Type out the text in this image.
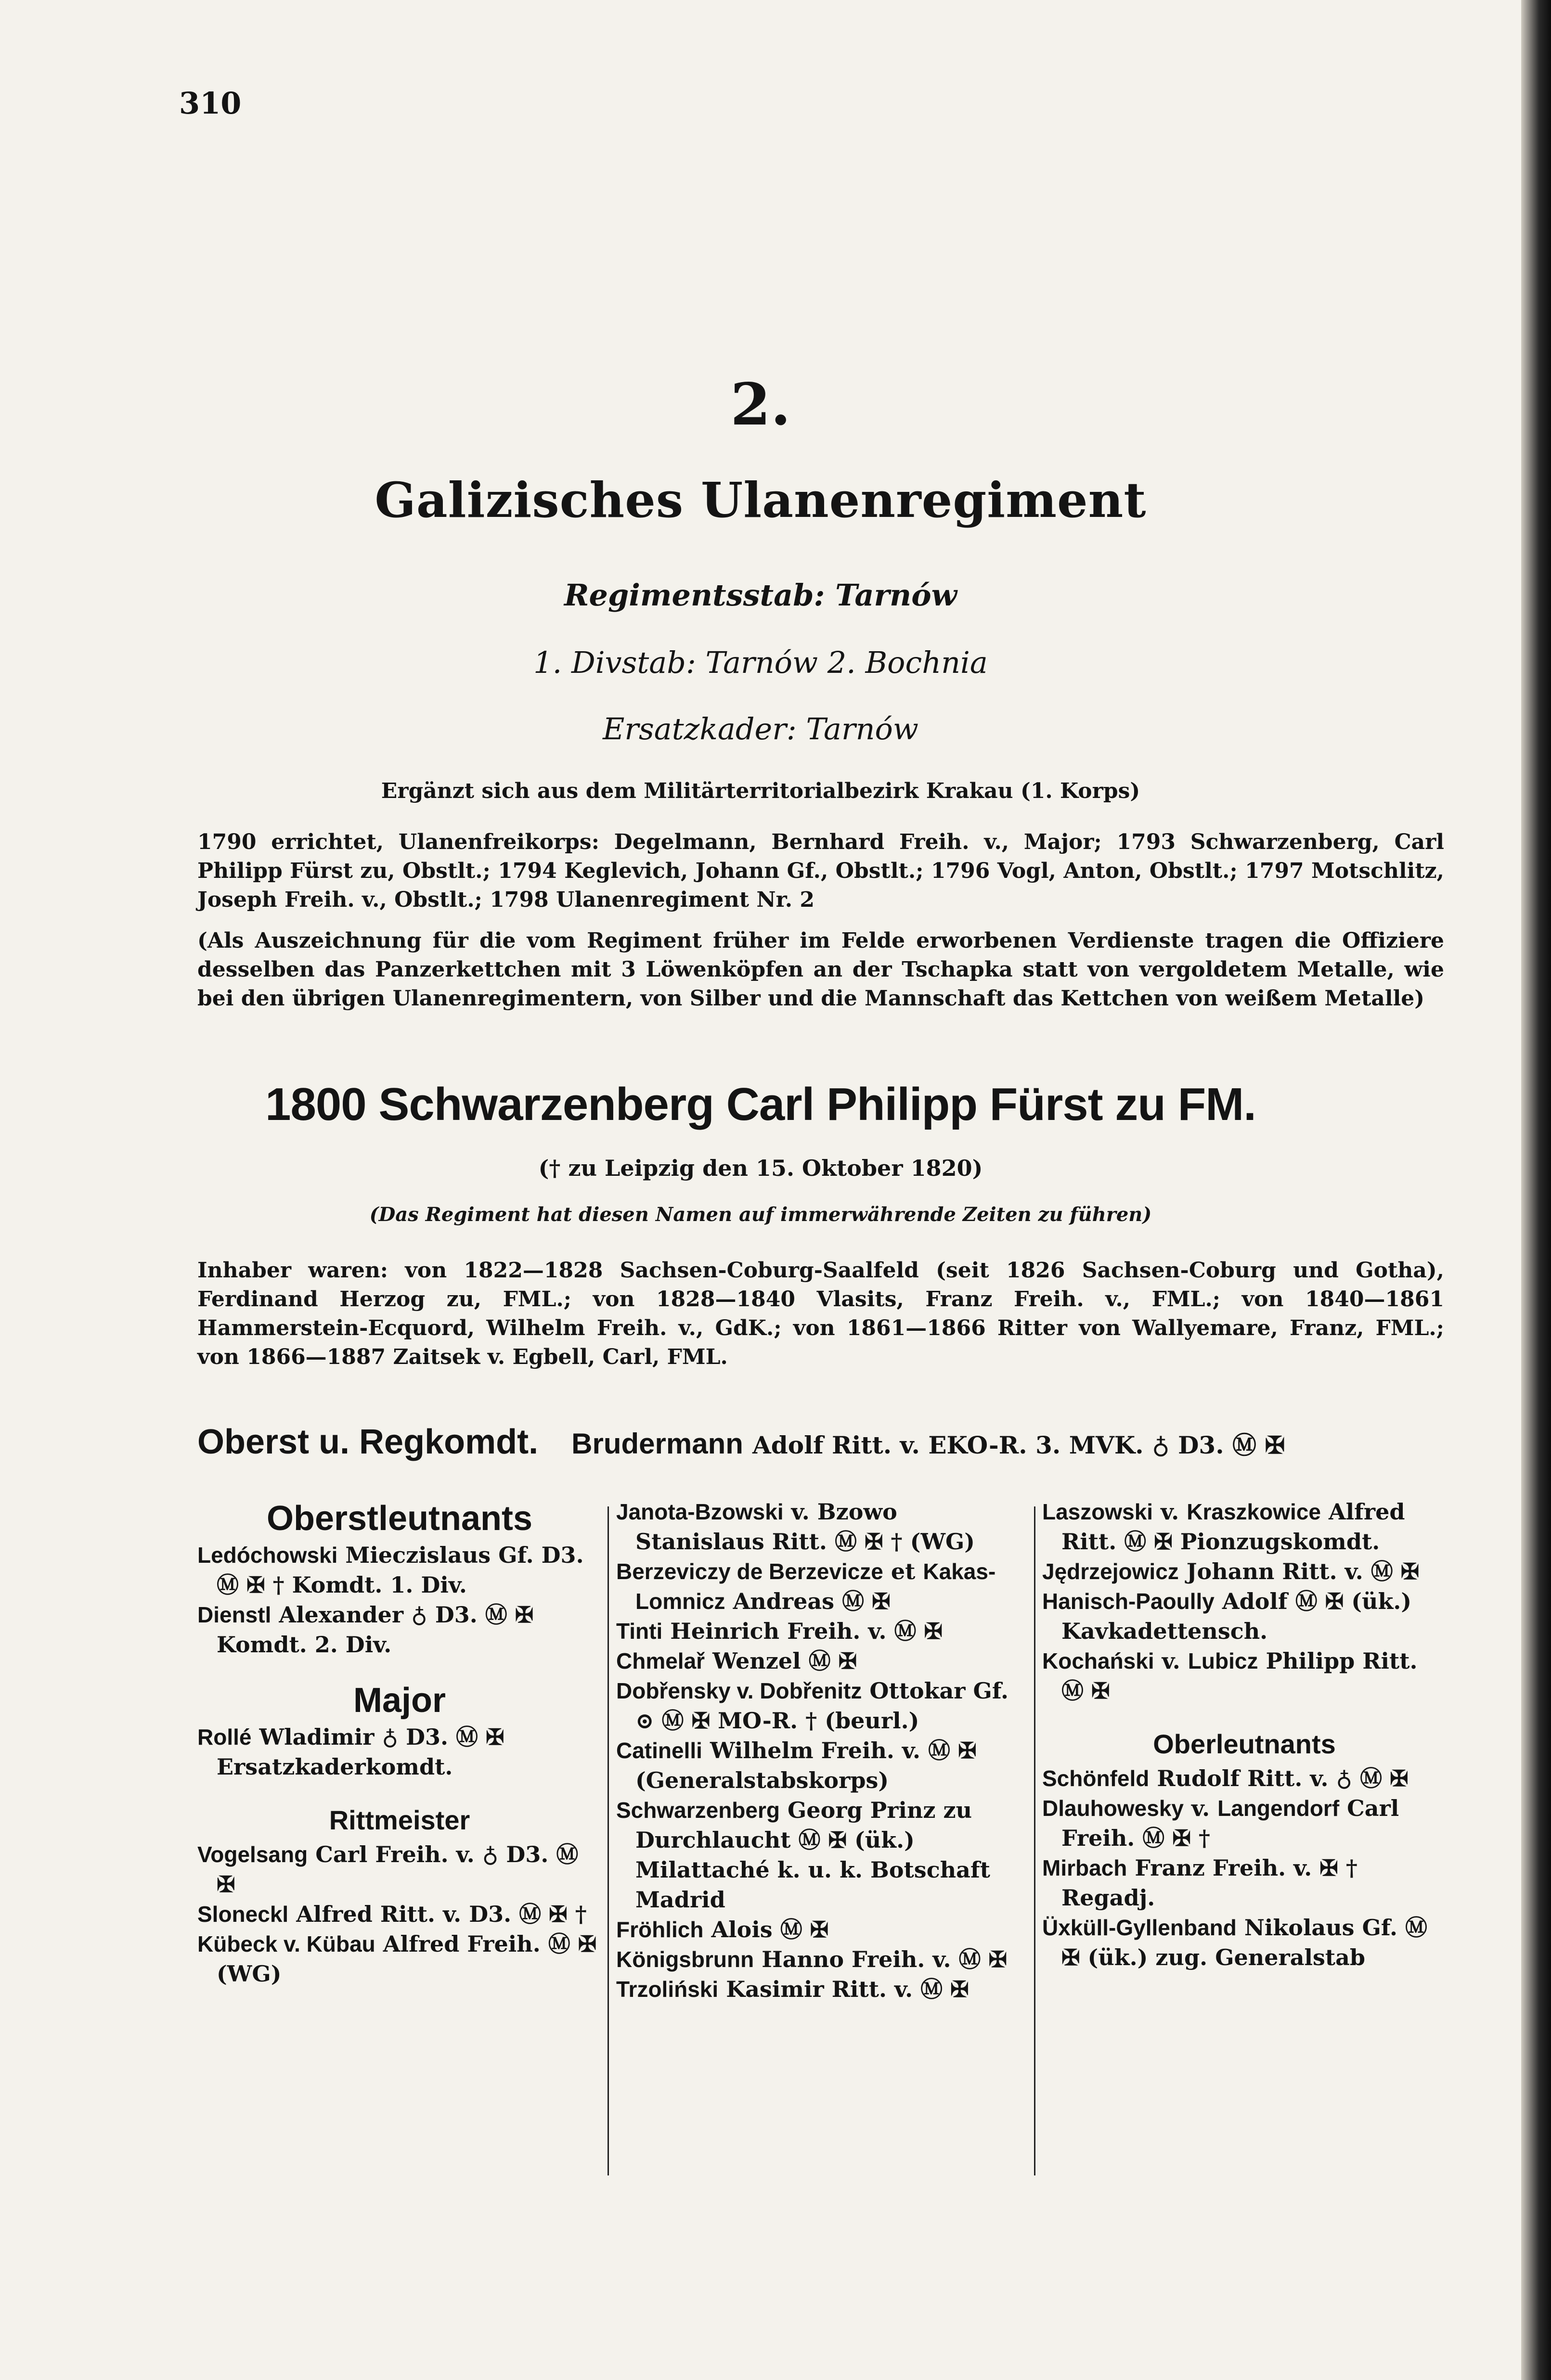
310
2.
Galizisches Ulanenregiment
Regimentsstab: Tarnów
1. Divstab: Tarnów 2. Bochnia
Ersatzkader: Tarnów
Ergänzt sich aus dem Militärterritorialbezirk Krakau (1. Korps)

1790 errichtet, Ulanenfreikorps: Degelmann, Bernhard Freih. v., Major; 1793 Schwarzenberg, Carl Philipp Fürst zu, Obstlt.; 1794 Keglevich, Johann Gf., Obstlt.; 1796 Vogl, Anton, Obstlt.; 1797 Motschlitz, Joseph Freih. v., Obstlt.; 1798 Ulanenregiment Nr. 2

(Als Auszeichnung für die vom Regiment früher im Felde erworbenen Verdienste tragen die Offiziere desselben das Panzerkettchen mit 3 Löwenköpfen an der Tschapka statt von vergoldetem Metalle, wie bei den übrigen Ulanenregimentern, von Silber und die Mannschaft das Kettchen von weißem Metalle)

1800 Schwarzenberg Carl Philipp Fürst zu FM.
(† zu Leipzig den 15. Oktober 1820)
(Das Regiment hat diesen Namen auf immerwährende Zeiten zu führen)

Inhaber waren: von 1822—1828 Sachsen-Coburg-Saalfeld (seit 1826 Sachsen-Coburg und Gotha), Ferdinand Herzog zu, FML.; von 1828—1840 Vlasits, Franz Freih. v., FML.; von 1840—1861 Hammerstein-Ecquord, Wilhelm Freih. v., GdK.; von 1861—1866 Ritter von Wallyemare, Franz, FML.; von 1866—1887 Zaitsek v. Egbell, Carl, FML.

Oberst u. Regkomdt. Brudermann Adolf Ritt. v. EKO-R. 3. MVK. ♁ D3. Ⓜ ✠

Oberstleutnants

Ledóchowski Mieczislaus Gf. D3. Ⓜ ✠ † Komdt. 1. Div.

Dienstl Alexander ♁ D3. Ⓜ ✠ Komdt. 2. Div.

Major

Rollé Wladimir ♁ D3. Ⓜ ✠ Ersatzkaderkomdt.

Rittmeister

Vogelsang Carl Freih. v. ♁ D3. Ⓜ ✠

Sloneckl Alfred Ritt. v. D3. Ⓜ ✠ †

Kübeck v. Kübau Alfred Freih. Ⓜ ✠ (WG)

Janota-Bzowski v. Bzowo Stanislaus Ritt. Ⓜ ✠ † (WG)

Berzeviczy de Berzevicze et Kakas-Lomnicz Andreas Ⓜ ✠

Tinti Heinrich Freih. v. Ⓜ ✠

Chmelař Wenzel Ⓜ ✠

Dobřensky v. Dobřenitz Ottokar Gf. ⊙ Ⓜ ✠ MO-R. † (beurl.)

Catinelli Wilhelm Freih. v. Ⓜ ✠ (Generalstabskorps)

Schwarzenberg Georg Prinz zu Durchlaucht Ⓜ ✠ (ük.) Milattaché k. u. k. Botschaft Madrid

Fröhlich Alois Ⓜ ✠

Königsbrunn Hanno Freih. v. Ⓜ ✠

Trzoliński Kasimir Ritt. v. Ⓜ ✠

Laszowski v. Kraszkowice Alfred Ritt. Ⓜ ✠ Pionzugskomdt.

Jędrzejowicz Johann Ritt. v. Ⓜ ✠

Hanisch-Paoully Adolf Ⓜ ✠ (ük.) Kavkadettensch.

Kochański v. Lubicz Philipp Ritt. Ⓜ ✠

Oberleutnants

Schönfeld Rudolf Ritt. v. ♁ Ⓜ ✠

Dlauhowesky v. Langendorf Carl Freih. Ⓜ ✠ †

Mirbach Franz Freih. v. ✠ † Regadj.

Üxküll-Gyllenband Nikolaus Gf. Ⓜ ✠ (ük.) zug. Generalstab
